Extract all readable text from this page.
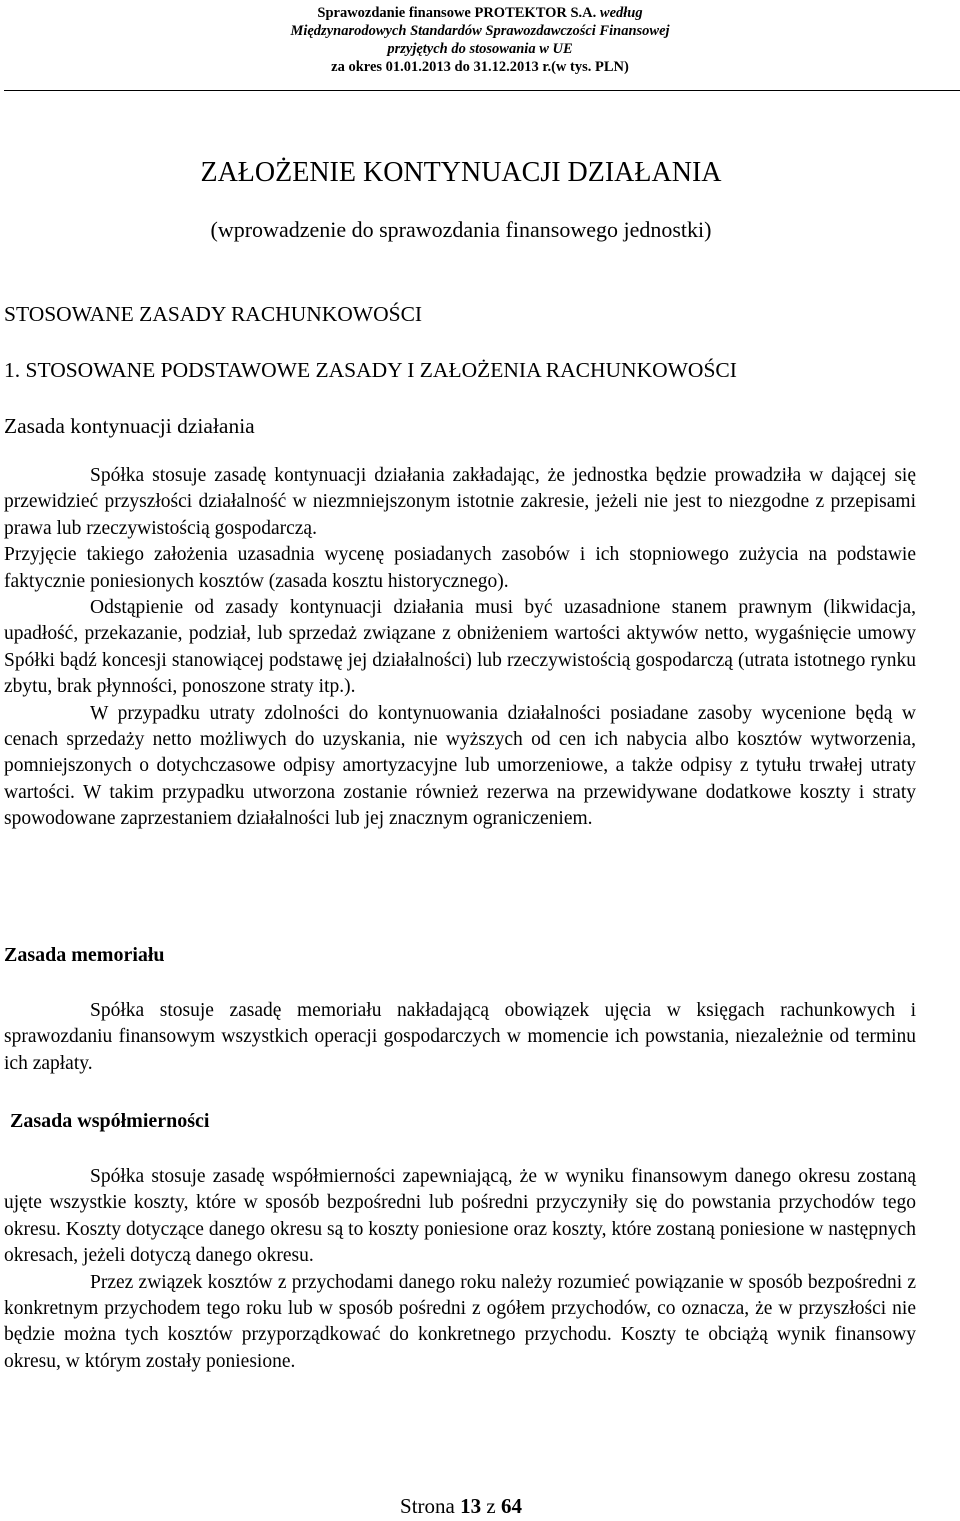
Sprawozdanie finansowe PROTEKTOR S.A. według
Międzynarodowych Standardów Sprawozdawczości Finansowej
przyjętych do stosowania w UE
za okres 01.01.2013 do 31.12.2013 r.(w tys. PLN)
ZAŁOŻENIE KONTYNUACJI DZIAŁANIA
(wprowadzenie do sprawozdania finansowego jednostki)
STOSOWANE ZASADY RACHUNKOWOŚCI
1. STOSOWANE PODSTAWOWE ZASADY I ZAŁOŻENIA RACHUNKOWOŚCI
Zasada kontynuacji działania

Spółka stosuje zasadę kontynuacji działania zakładając, że jednostka będzie prowadziła w dającej się przewidzieć przyszłości działalność w niezmniejszonym istotnie zakresie, jeżeli nie jest to niezgodne z przepisami prawa lub rzeczywistością gospodarczą.

Przyjęcie takiego założenia uzasadnia wycenę posiadanych zasobów i ich stopniowego zużycia na podstawie faktycznie poniesionych kosztów (zasada kosztu historycznego).

Odstąpienie od zasady kontynuacji działania musi być uzasadnione stanem prawnym (likwidacja, upadłość, przekazanie, podział, lub sprzedaż związane z obniżeniem wartości aktywów netto, wygaśnięcie umowy Spółki bądź koncesji stanowiącej podstawę jej działalności) lub rzeczywistością gospodarczą (utrata istotnego rynku zbytu, brak płynności, ponoszone straty itp.).

W przypadku utraty zdolności do kontynuowania działalności posiadane zasoby wycenione będą w cenach sprzedaży netto możliwych do uzyskania, nie wyższych od cen ich nabycia albo kosztów wytworzenia, pomniejszonych o dotychczasowe odpisy amortyzacyjne lub umorzeniowe, a także odpisy z tytułu trwałej utraty wartości. W takim przypadku utworzona zostanie również rezerwa na przewidywane dodatkowe koszty i straty spowodowane zaprzestaniem działalności lub jej znacznym ograniczeniem.

Zasada memoriału

Spółka stosuje zasadę memoriału nakładającą obowiązek ujęcia w księgach rachunkowych i sprawozdaniu finansowym wszystkich operacji gospodarczych w momencie ich powstania, niezależnie od terminu ich zapłaty.

Zasada współmierności

Spółka stosuje zasadę współmierności zapewniającą, że w wyniku finansowym danego okresu zostaną ujęte wszystkie koszty, które w sposób bezpośredni lub pośredni przyczyniły się do powstania przychodów tego okresu. Koszty dotyczące danego okresu są to koszty poniesione oraz koszty, które zostaną poniesione w następnych okresach, jeżeli dotyczą danego okresu.

Przez związek kosztów z przychodami danego roku należy rozumieć powiązanie w sposób bezpośredni z konkretnym przychodem tego roku lub w sposób pośredni z ogółem przychodów, co oznacza, że w przyszłości nie będzie można tych kosztów przyporządkować do konkretnego przychodu. Koszty te obciążą wynik finansowy okresu, w którym zostały poniesione.

Strona 13 z 64
